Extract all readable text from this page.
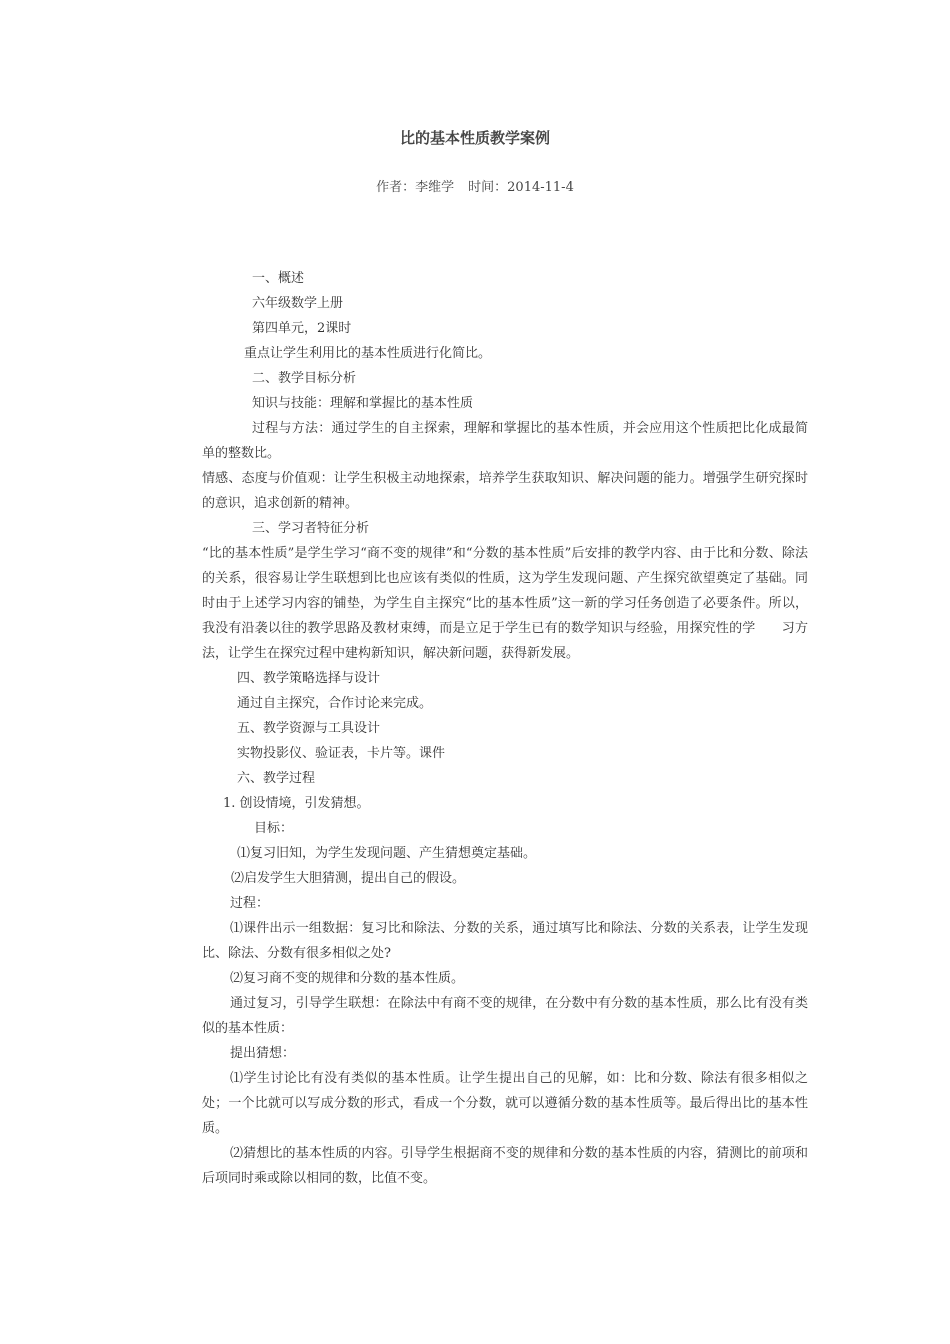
比的基本性质教学案例
作者：李维学 时间：2014-11-4

一、概述

六年级数学上册

第四单元，2课时

重点让学生利用比的基本性质进行化简比。

二、教学目标分析

知识与技能：理解和掌握比的基本性质

过程与方法：通过学生的自主探索，理解和掌握比的基本性质，并会应用这个性质把比化成最简单的整数比。

情感、态度与价值观：让学生积极主动地探索，培养学生获取知识、解决问题的能力。增强学生研究探时的意识，追求创新的精神。

三、学习者特征分析

“比的基本性质”是学生学习“商不变的规律”和“分数的基本性质”后安排的教学内容、由于比和分数、除法的关系，很容易让学生联想到比也应该有类似的性质，这为学生发现问题、产生探究欲望奠定了基础。同时由于上述学习内容的铺垫，为学生自主探究“比的基本性质”这一新的学习任务创造了必要条件。所以，我没有沿袭以往的教学思路及教材束缚，而是立足于学生已有的数学知识与经验，用探究性的学　　习方法，让学生在探究过程中建构新知识，解决新问题，获得新发展。

四、教学策略选择与设计

通过自主探究，合作讨论来完成。

五、教学资源与工具设计

实物投影仪、验证表，卡片等。课件

六、教学过程

1. 创设情境，引发猜想。

目标：

⑴复习旧知，为学生发现问题、产生猜想奠定基础。

⑵启发学生大胆猜测，提出自己的假设。

过程：

⑴课件出示一组数据：复习比和除法、分数的关系，通过填写比和除法、分数的关系表，让学生发现比、除法、分数有很多相似之处?

⑵复习商不变的规律和分数的基本性质。

通过复习，引导学生联想：在除法中有商不变的规律，在分数中有分数的基本性质，那么比有没有类似的基本性质：

提出猜想：

⑴学生讨论比有没有类似的基本性质。让学生提出自己的见解，如：比和分数、除法有很多相似之处；一个比就可以写成分数的形式，看成一个分数，就可以遵循分数的基本性质等。最后得出比的基本性质。

⑵猜想比的基本性质的内容。引导学生根据商不变的规律和分数的基本性质的内容，猜测比的前项和后项同时乘或除以相同的数，比值不变。
